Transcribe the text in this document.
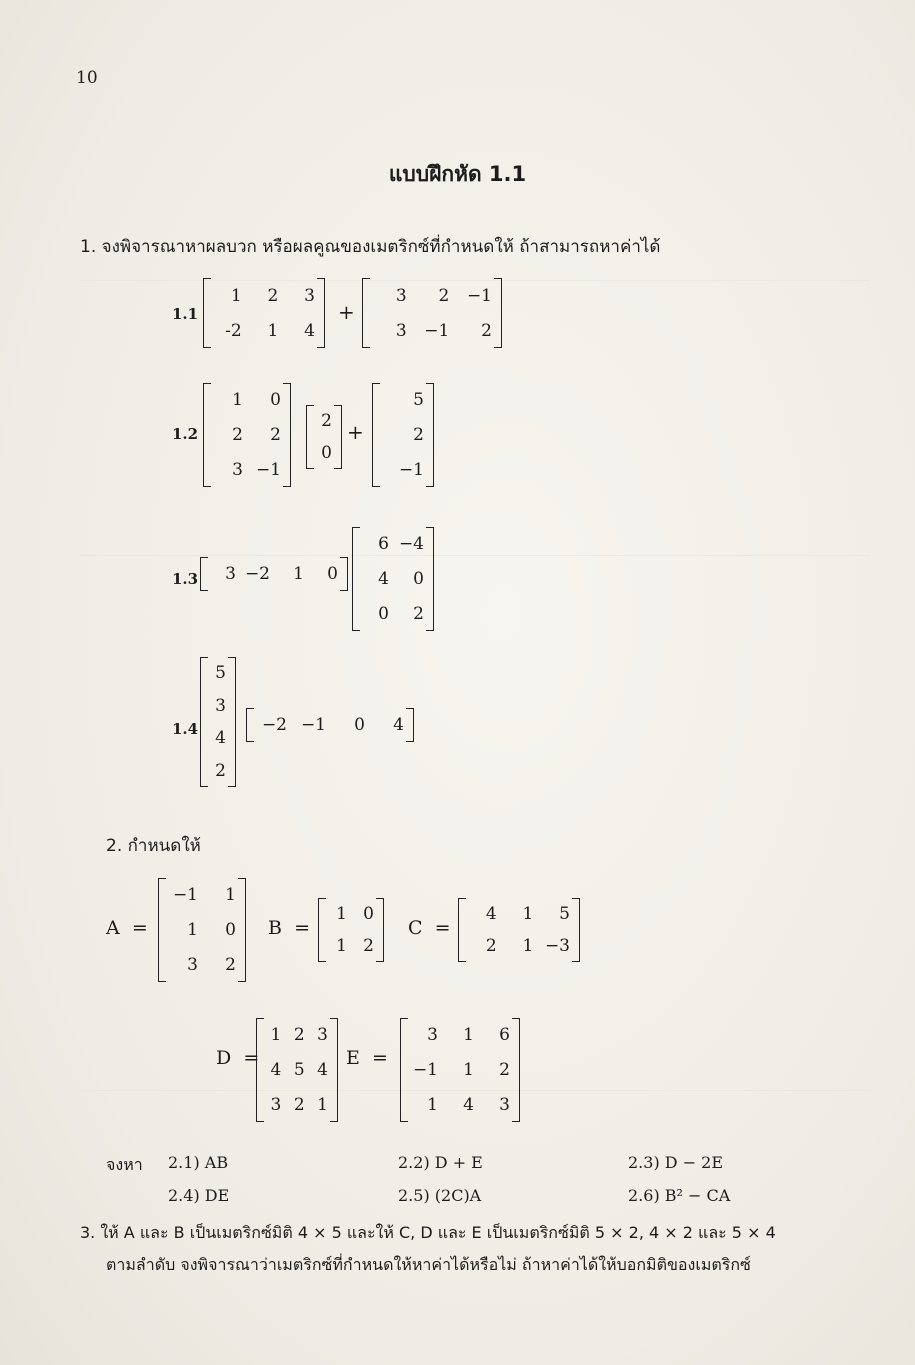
10
แบบฝึกหัด 1.1
1. จงพิจารณาหาผลบวก หรือผลคูณของเมตริกซ์ที่กำหนดให้ ถ้าสามารถหาค่าได้
1.1
1	2	3
-2	1	4
+
3	2	−1
3	−1	2
1.2
1	0
2	2
3 −1
2
0
+
5
2
−1
1.3	3 −2	1	0
6 −4
4	0
0	2
1.4
5
3
4
2
−2 −1	0	4
2. กำหนดให้
A =
−1	1
1	0
3	2
B =
1 0
1 2
C =
4	1	5
2	1 −3
D =
1 2 3
4 5 4
3 2 1
E =
3	1	6
−1	1	2
1	4	3
จงหา 2.1) AB	2.2) D + E	2.3) D − 2E
2.4) DE	2.5) (2C)A	2.6) B² − CA
3. ให้ A และ B เป็นเมตริกซ์มิติ 4 × 5 และให้ C, D และ E เป็นเมตริกซ์มิติ 5 × 2, 4 × 2 และ 5 × 4
ตามลำดับ จงพิจารณาว่าเมตริกซ์ที่กำหนดให้หาค่าได้หรือไม่ ถ้าหาค่าได้ให้บอกมิติของเมตริกซ์
